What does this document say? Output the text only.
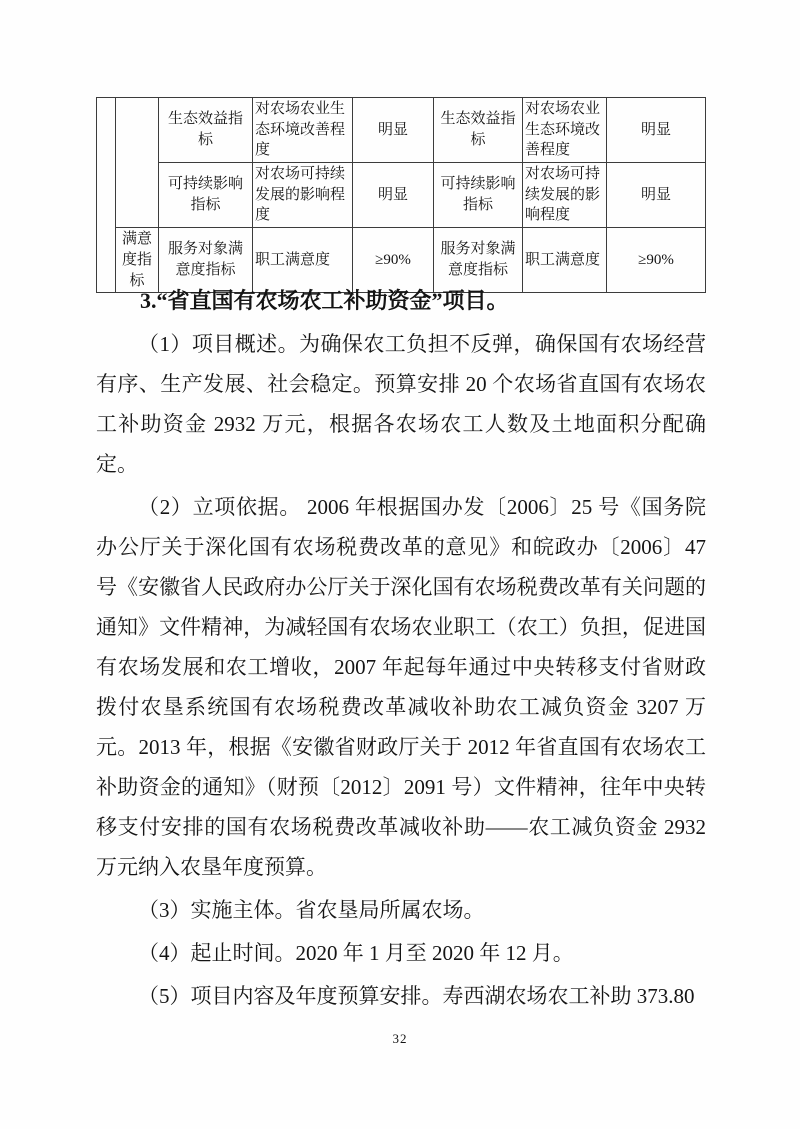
		生态效益指标	对农场农业生态环境改善程度	明显	生态效益指标	对农场农业生态环境改善程度	明显
		可持续影响指标	对农场可持续发展的影响程度	明显	可持续影响指标	对农场可持续发展的影响程度	明显
	满意度指标	服务对象满意度指标	职工满意度	≥90%	服务对象满意度指标	职工满意度	≥90%
3.“省直国有农场农工补助资金”项目。

（1）项目概述。为确保农工负担不反弹，确保国有农场经营有序、生产发展、社会稳定。预算安排 20 个农场省直国有农场农工补助资金 2932 万元，根据各农场农工人数及土地面积分配确定。

（2）立项依据。 2006 年根据国办发〔2006〕25 号《国务院办公厅关于深化国有农场税费改革的意见》和皖政办〔2006〕47 号《安徽省人民政府办公厅关于深化国有农场税费改革有关问题的通知》文件精神，为减轻国有农场农业职工（农工）负担，促进国有农场发展和农工增收，2007 年起每年通过中央转移支付省财政拨付农垦系统国有农场税费改革减收补助农工减负资金 3207 万元。2013 年，根据《安徽省财政厅关于 2012 年省直国有农场农工补助资金的通知》（财预〔2012〕2091 号）文件精神，往年中央转移支付安排的国有农场税费改革减收补助——农工减负资金 2932 万元纳入农垦年度预算。

（3）实施主体。省农垦局所属农场。

（4）起止时间。2020 年 1 月至 2020 年 12 月。

（5）项目内容及年度预算安排。寿西湖农场农工补助 373.80

32
